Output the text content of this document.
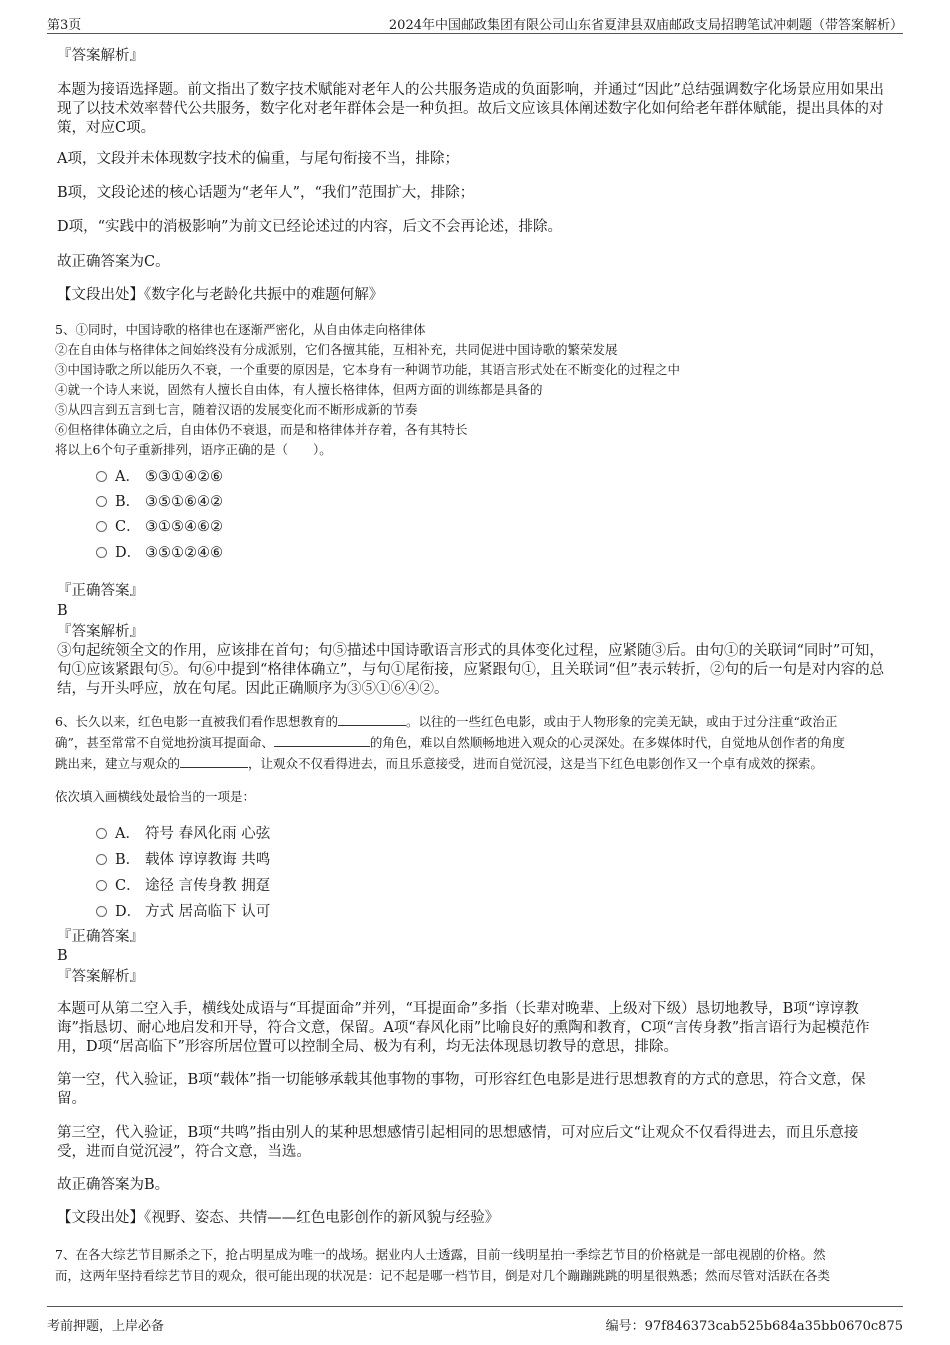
第3页	2024年中国邮政集团有限公司山东省夏津县双庙邮政支局招聘笔试冲刺题（带答案解析）
『答案解析』
本题为接语选择题。前文指出了数字技术赋能对老年人的公共服务造成的负面影响，并通过“因此”总结强调数字化场景应用如果出现了以技术效率替代公共服务，数字化对老年群体会是一种负担。故后文应该具体阐述数字化如何给老年群体赋能，提出具体的对策，对应C项。
A项，文段并未体现数字技术的偏重，与尾句衔接不当，排除；
B项，文段论述的核心话题为“老年人”，“我们”范围扩大，排除；
D项，“实践中的消极影响”为前文已经论述过的内容，后文不会再论述，排除。
故正确答案为C。
【文段出处】《数字化与老龄化共振中的难题何解》
5、①同时，中国诗歌的格律也在逐渐严密化，从自由体走向格律体
②在自由体与格律体之间始终没有分成派别，它们各擅其能，互相补充，共同促进中国诗歌的繁荣发展
③中国诗歌之所以能历久不衰，一个重要的原因是，它本身有一种调节功能，其语言形式处在不断变化的过程之中
④就一个诗人来说，固然有人擅长自由体，有人擅长格律体，但两方面的训练都是具备的
⑤从四言到五言到七言，随着汉语的发展变化而不断形成新的节奏
⑥但格律体确立之后，自由体仍不衰退，而是和格律体并存着，各有其特长
将以上6个句子重新排列，语序正确的是（　　）。
A． ⑤③①④②⑥
B． ③⑤①⑥④②
C． ③①⑤④⑥②
D． ③⑤①②④⑥
『正确答案』
B
『答案解析』
③句起统领全文的作用，应该排在首句；句⑤描述中国诗歌语言形式的具体变化过程，应紧随③后。由句①的关联词“同时”可知，句①应该紧跟句⑤。句⑥中提到“格律体确立”，与句①尾衔接，应紧跟句①，且关联词“但”表示转折，②句的后一句是对内容的总结，与开头呼应，放在句尾。因此正确顺序为③⑤①⑥④②。
6、长久以来，红色电影一直被我们看作思想教育的	。以往的一些红色电影，或由于人物形象的完美无缺，或由于过分注重“政治正
确”，甚至常常不自觉地扮演耳提面命、	的角色，难以自然顺畅地进入观众的心灵深处。在多媒体时代，自觉地从创作者的角度
跳出来，建立与观众的	，让观众不仅看得进去，而且乐意接受，进而自觉沉浸，这是当下红色电影创作又一个卓有成效的探索。
依次填入画横线处最恰当的一项是：
A． 符号 春风化雨 心弦
B． 载体 谆谆教诲 共鸣
C． 途径 言传身教 拥趸
D． 方式 居高临下 认可
『正确答案』
B
『答案解析』
本题可从第二空入手，横线处成语与“耳提面命”并列，“耳提面命”多指（长辈对晚辈、上级对下级）恳切地教导，B项“谆谆教诲”指恳切、耐心地启发和开导，符合文意，保留。A项“春风化雨”比喻良好的熏陶和教育，C项“言传身教”指言语行为起模范作用，D项“居高临下”形容所居位置可以控制全局、极为有利，均无法体现恳切教导的意思，排除。
第一空，代入验证，B项“载体”指一切能够承载其他事物的事物，可形容红色电影是进行思想教育的方式的意思，符合文意，保留。
第三空，代入验证，B项“共鸣”指由别人的某种思想感情引起相同的思想感情，可对应后文“让观众不仅看得进去，而且乐意接受，进而自觉沉浸”，符合文意，当选。
故正确答案为B。
【文段出处】《视野、姿态、共情——红色电影创作的新风貌与经验》
7、在各大综艺节目厮杀之下，抢占明星成为唯一的战场。据业内人士透露，目前一线明星拍一季综艺节目的价格就是一部电视剧的价格。然
而，这两年坚持看综艺节目的观众，很可能出现的状况是：记不起是哪一档节目，倒是对几个蹦蹦跳跳的明星很熟悉；然而尽管对活跃在各类
考前押题，上岸必备	编号：97f846373cab525b684a35bb0670c875
